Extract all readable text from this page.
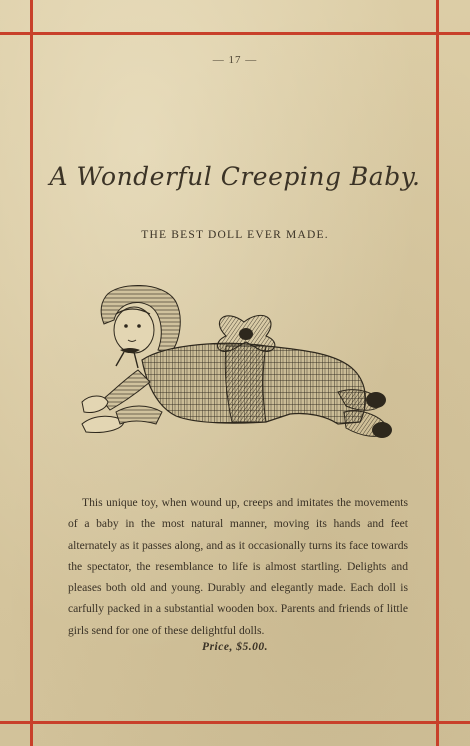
— 17 —
A Wonderful Creeping Baby.
THE BEST DOLL EVER MADE.

This unique toy, when wound up, creeps and imitates the movements of a baby in the most natural manner, moving its hands and feet alternately as it passes along, and as it occasionally turns its face towards the spectator, the resemblance to life is almost startling. Delights and pleases both old and young. Durably and elegantly made. Each doll is carfully packed in a substantial wooden box. Parents and friends of little girls send for one of these delightful dolls.

Price, $5.00.
